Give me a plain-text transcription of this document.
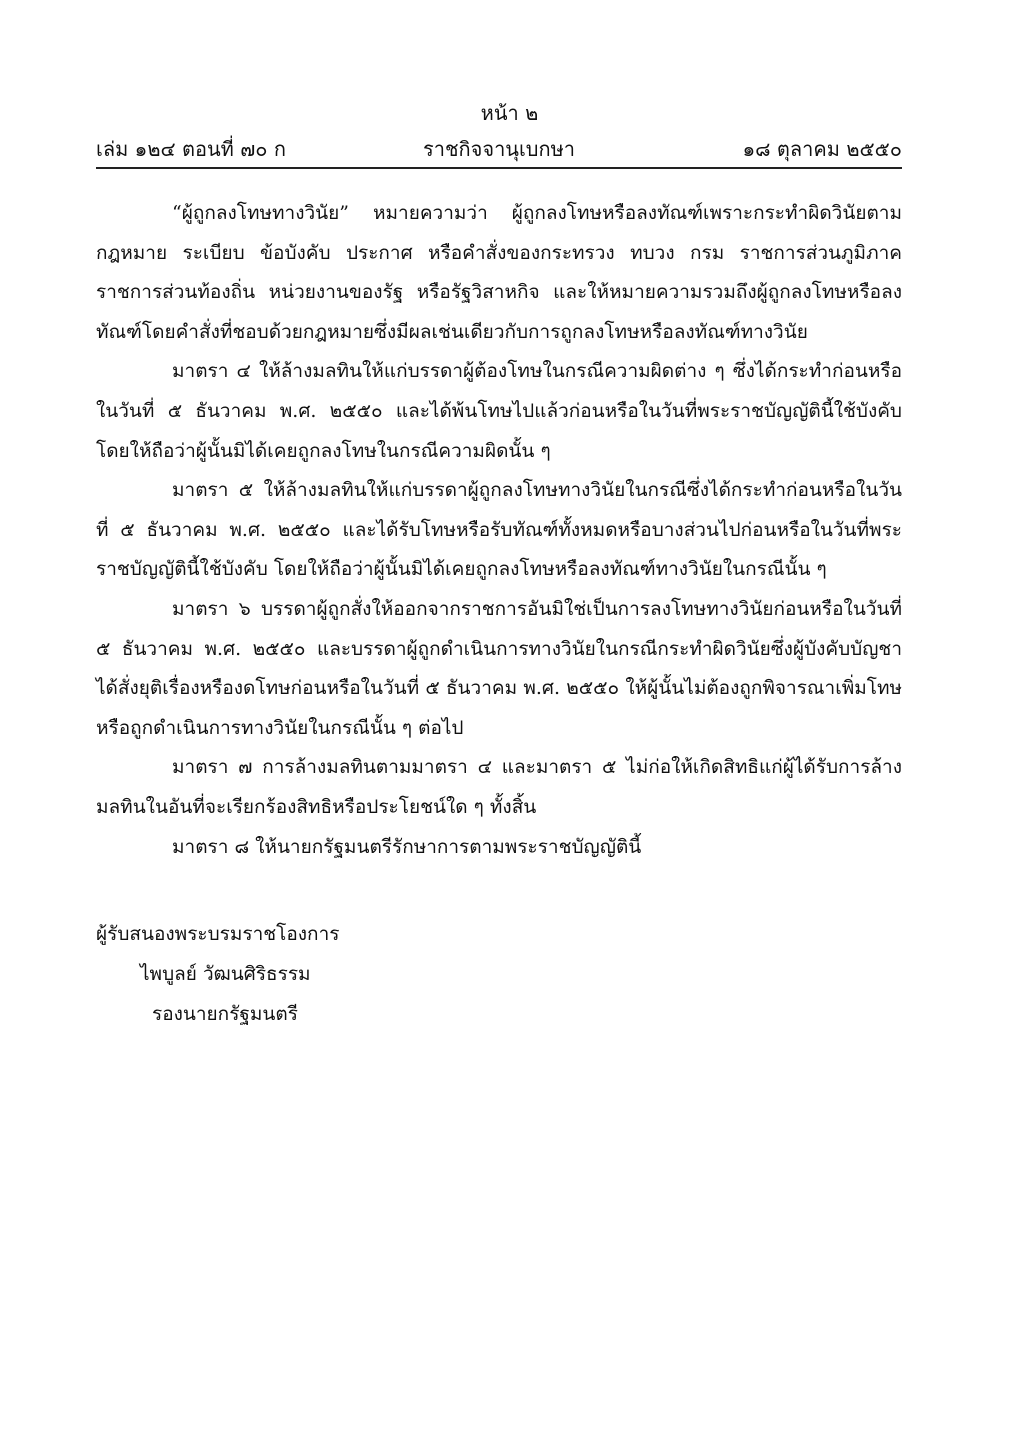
หน้า ๒
เล่ม ๑๒๔ ตอนที่ ๗๐ ก	ราชกิจจานุเบกษา	๑๘ ตุลาคม ๒๕๕๐

“ผู้ถูกลงโทษทางวินัย” หมายความว่า ผู้ถูกลงโทษหรือลงทัณฑ์เพราะกระทำผิดวินัยตามกฎหมาย ระเบียบ ข้อบังคับ ประกาศ หรือคำสั่งของกระทรวง ทบวง กรม ราชการส่วนภูมิภาค ราชการส่วนท้องถิ่น หน่วยงานของรัฐ หรือรัฐวิสาหกิจ และให้หมายความรวมถึงผู้ถูกลงโทษหรือลงทัณฑ์โดยคำสั่งที่ชอบด้วยกฎหมายซึ่งมีผลเช่นเดียวกับการถูกลงโทษหรือลงทัณฑ์ทางวินัย

มาตรา ๔ ให้ล้างมลทินให้แก่บรรดาผู้ต้องโทษในกรณีความผิดต่าง ๆ ซึ่งได้กระทำก่อนหรือในวันที่ ๕ ธันวาคม พ.ศ. ๒๕๕๐ และได้พ้นโทษไปแล้วก่อนหรือในวันที่พระราชบัญญัตินี้ใช้บังคับ โดยให้ถือว่าผู้นั้นมิได้เคยถูกลงโทษในกรณีความผิดนั้น ๆ

มาตรา ๕ ให้ล้างมลทินให้แก่บรรดาผู้ถูกลงโทษทางวินัยในกรณีซึ่งได้กระทำก่อนหรือในวันที่ ๕ ธันวาคม พ.ศ. ๒๕๕๐ และได้รับโทษหรือรับทัณฑ์ทั้งหมดหรือบางส่วนไปก่อนหรือในวันที่พระราชบัญญัตินี้ใช้บังคับ โดยให้ถือว่าผู้นั้นมิได้เคยถูกลงโทษหรือลงทัณฑ์ทางวินัยในกรณีนั้น ๆ

มาตรา ๖ บรรดาผู้ถูกสั่งให้ออกจากราชการอันมิใช่เป็นการลงโทษทางวินัยก่อนหรือในวันที่ ๕ ธันวาคม พ.ศ. ๒๕๕๐ และบรรดาผู้ถูกดำเนินการทางวินัยในกรณีกระทำผิดวินัยซึ่งผู้บังคับบัญชาได้สั่งยุติเรื่องหรืองดโทษก่อนหรือในวันที่ ๕ ธันวาคม พ.ศ. ๒๕๕๐ ให้ผู้นั้นไม่ต้องถูกพิจารณาเพิ่มโทษหรือถูกดำเนินการทางวินัยในกรณีนั้น ๆ ต่อไป

มาตรา ๗ การล้างมลทินตามมาตรา ๔ และมาตรา ๕ ไม่ก่อให้เกิดสิทธิแก่ผู้ได้รับการล้างมลทินในอันที่จะเรียกร้องสิทธิหรือประโยชน์ใด ๆ ทั้งสิ้น

มาตรา ๘ ให้นายกรัฐมนตรีรักษาการตามพระราชบัญญัตินี้

ผู้รับสนองพระบรมราชโองการ
ไพบูลย์ วัฒนศิริธรรม
รองนายกรัฐมนตรี
